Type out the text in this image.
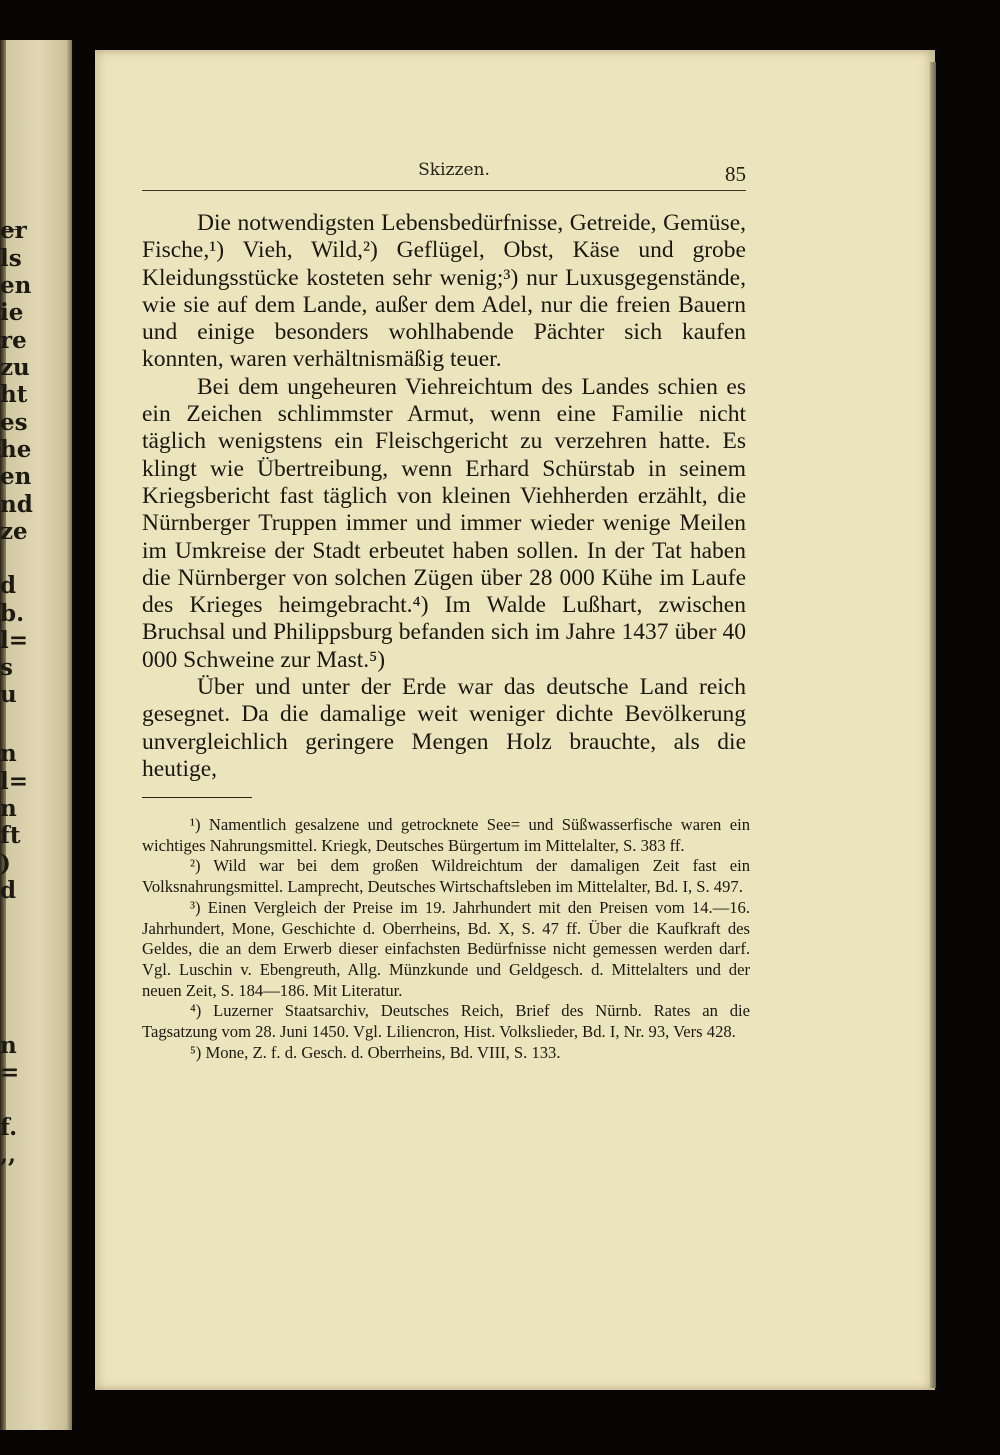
er
ls
en
ie
re
zu
ht
es
he
en
nd
ze
d
b.
l=
s
u
n
l=
n
ft
)
d
n
=
f.
‚,
Skizzen.	85

Die notwendigsten Lebensbedürfnisse, Getreide, Gemüse, Fische,¹) Vieh, Wild,²) Geflügel, Obst, Käse und grobe Kleidungsstücke kosteten sehr wenig;³) nur Luxusgegenstände, wie sie auf dem Lande, außer dem Adel, nur die freien Bauern und einige besonders wohlhabende Pächter sich kaufen konnten, waren verhältnismäßig teuer.

Bei dem ungeheuren Viehreichtum des Landes schien es ein Zeichen schlimmster Armut, wenn eine Familie nicht täglich wenigstens ein Fleischgericht zu verzehren hatte. Es klingt wie Übertreibung, wenn Erhard Schürstab in seinem Kriegsbericht fast täglich von kleinen Viehherden erzählt, die Nürnberger Truppen immer und immer wieder wenige Meilen im Umkreise der Stadt erbeutet haben sollen. In der Tat haben die Nürnberger von solchen Zügen über 28 000 Kühe im Laufe des Krieges heimgebracht.⁴) Im Walde Lußhart, zwischen Bruchsal und Philippsburg befanden sich im Jahre 1437 über 40 000 Schweine zur Mast.⁵)

Über und unter der Erde war das deutsche Land reich gesegnet. Da die damalige weit weniger dichte Bevölkerung unvergleichlich geringere Mengen Holz brauchte, als die heutige,

¹) Namentlich gesalzene und getrocknete See= und Süßwasserfische waren ein wichtiges Nahrungsmittel. Kriegk, Deutsches Bürgertum im Mittelalter, S. 383 ff.

²) Wild war bei dem großen Wildreichtum der damaligen Zeit fast ein Volksnahrungsmittel. Lamprecht, Deutsches Wirtschaftsleben im Mittelalter, Bd. I, S. 497.

³) Einen Vergleich der Preise im 19. Jahrhundert mit den Preisen vom 14.—16. Jahrhundert, Mone, Geschichte d. Oberrheins, Bd. X, S. 47 ff. Über die Kaufkraft des Geldes, die an dem Erwerb dieser einfachsten Bedürfnisse nicht gemessen werden darf. Vgl. Luschin v. Ebengreuth, Allg. Münzkunde und Geldgesch. d. Mittelalters und der neuen Zeit, S. 184—186. Mit Literatur.

⁴) Luzerner Staatsarchiv, Deutsches Reich, Brief des Nürnb. Rates an die Tagsatzung vom 28. Juni 1450. Vgl. Liliencron, Hist. Volkslieder, Bd. I, Nr. 93, Vers 428.

⁵) Mone, Z. f. d. Gesch. d. Oberrheins, Bd. VIII, S. 133.
